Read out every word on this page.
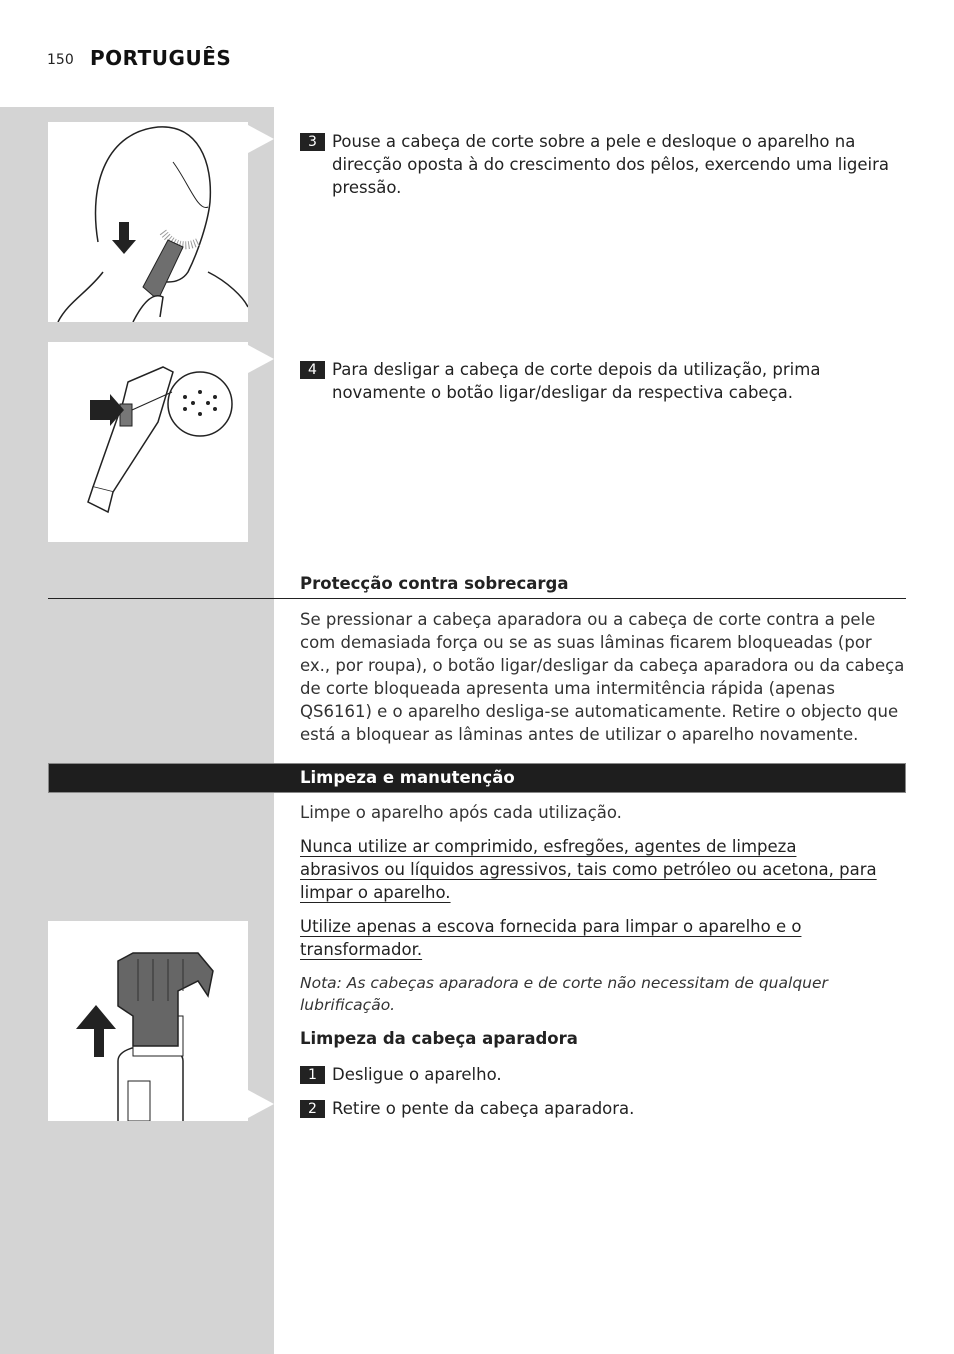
150 PORTUGUÊS
3 Pouse a cabeça de corte sobre a pele e desloque o aparelho na direcção oposta à do crescimento dos pêlos, exercendo uma ligeira pressão.
4 Para desligar a cabeça de corte depois da utilização, prima novamente o botão ligar/desligar da respectiva cabeça.
Protecção contra sobrecarga
Se pressionar a cabeça aparadora ou a cabeça de corte contra a pele com demasiada força ou se as suas lâminas ficarem bloqueadas (por ex., por roupa), o botão ligar/desligar da cabeça aparadora ou da cabeça de corte bloqueada apresenta uma intermitência rápida (apenas QS6161) e o aparelho desliga-se automaticamente. Retire o objecto que está a bloquear as lâminas antes de utilizar o aparelho novamente.
Limpeza e manutenção
Limpe o aparelho após cada utilização.
Nunca utilize ar comprimido, esfregões, agentes de limpeza abrasivos ou líquidos agressivos, tais como petróleo ou acetona, para limpar o aparelho.
Utilize apenas a escova fornecida para limpar o aparelho e o transformador.
Nota: As cabeças aparadora e de corte não necessitam de qualquer lubrificação.
Limpeza da cabeça aparadora
1 Desligue o aparelho.
2 Retire o pente da cabeça aparadora.
